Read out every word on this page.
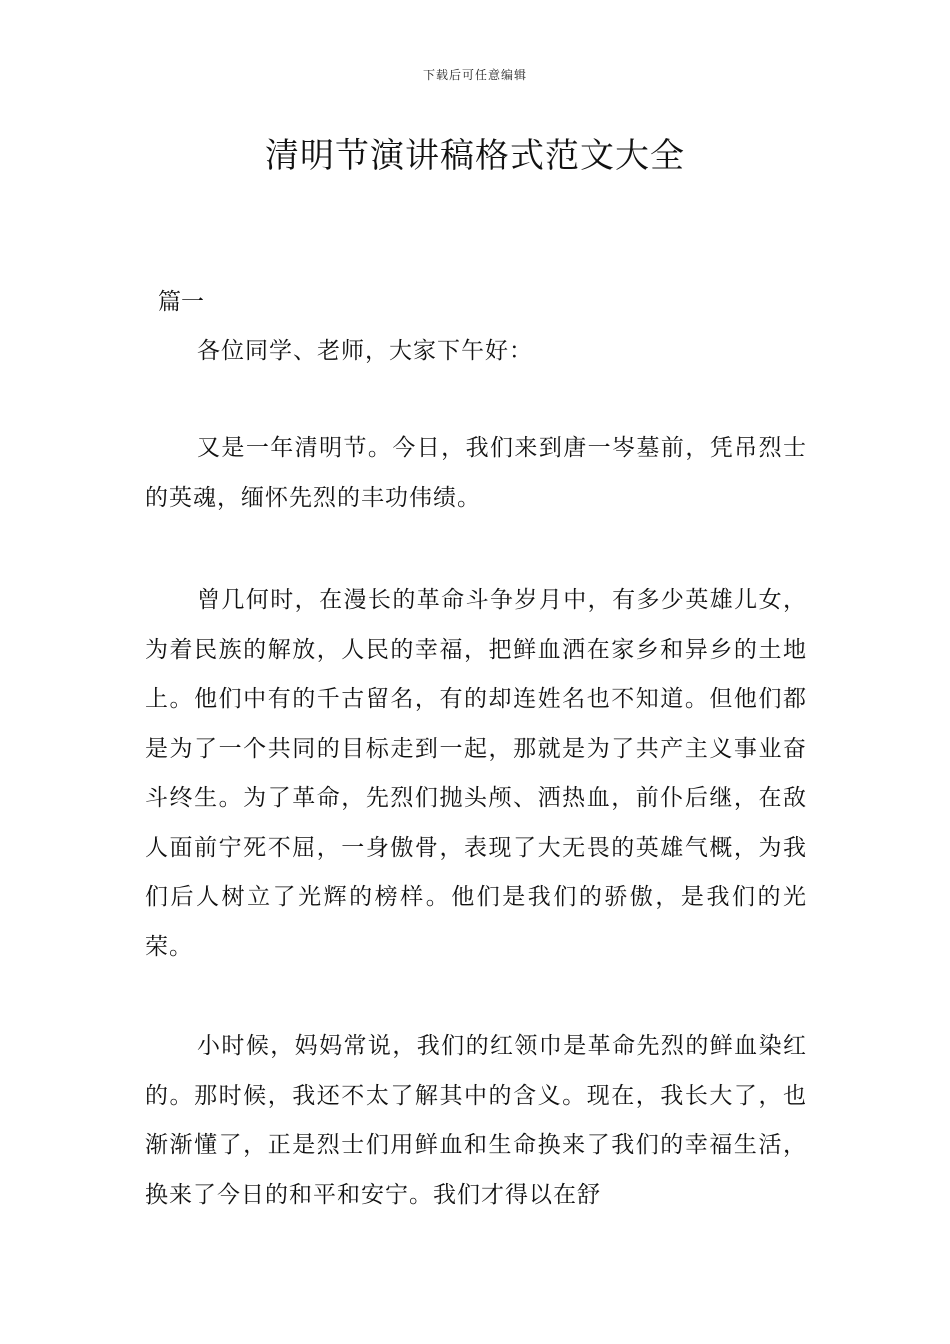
下载后可任意编辑
清明节演讲稿格式范文大全
篇一

各位同学、老师，大家下午好：

又是一年清明节。今日，我们来到唐一岑墓前，凭吊烈士的英魂，缅怀先烈的丰功伟绩。

曾几何时，在漫长的革命斗争岁月中，有多少英雄儿女，为着民族的解放，人民的幸福，把鲜血洒在家乡和异乡的土地上。他们中有的千古留名，有的却连姓名也不知道。但他们都是为了一个共同的目标走到一起，那就是为了共产主义事业奋斗终生。为了革命，先烈们抛头颅、洒热血，前仆后继，在敌人面前宁死不屈，一身傲骨，表现了大无畏的英雄气概，为我们后人树立了光辉的榜样。他们是我们的骄傲，是我们的光荣。

小时候，妈妈常说，我们的红领巾是革命先烈的鲜血染红的。那时候，我还不太了解其中的含义。现在，我长大了，也渐渐懂了，正是烈士们用鲜血和生命换来了我们的幸福生活，换来了今日的和平和安宁。我们才得以在舒
